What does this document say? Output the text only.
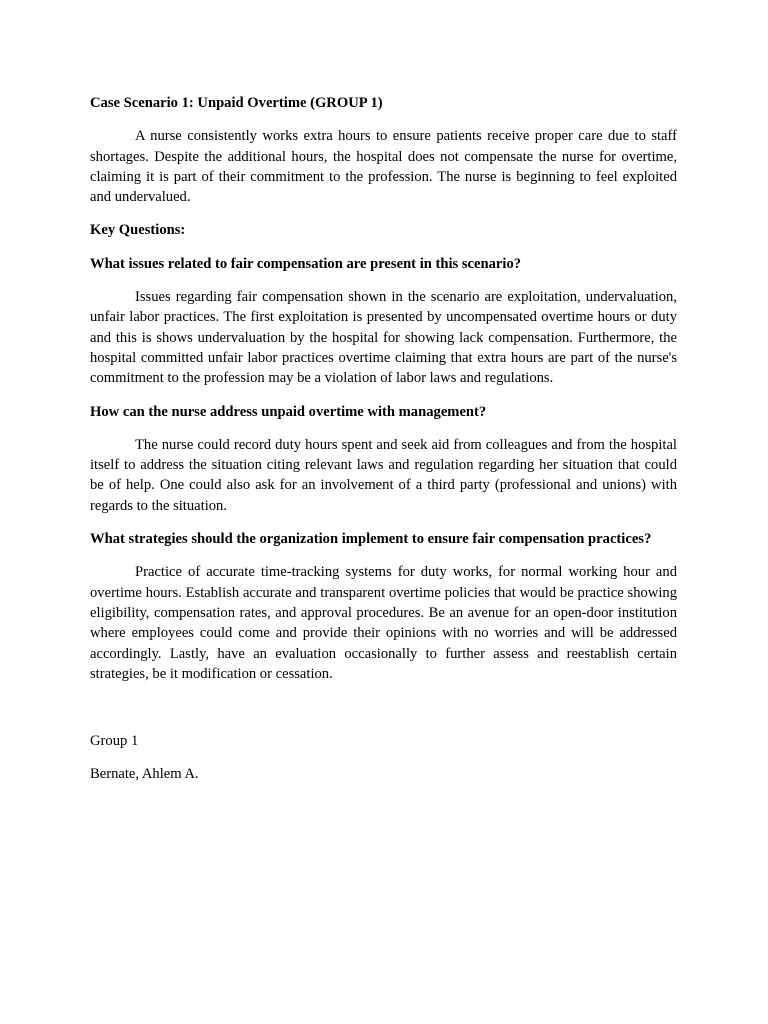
Case Scenario 1: Unpaid Overtime (GROUP 1)
A nurse consistently works extra hours to ensure patients receive proper care due to staff shortages. Despite the additional hours, the hospital does not compensate the nurse for overtime, claiming it is part of their commitment to the profession. The nurse is beginning to feel exploited and undervalued.
Key Questions:
What issues related to fair compensation are present in this scenario?
Issues regarding fair compensation shown in the scenario are exploitation, undervaluation, unfair labor practices. The first exploitation is presented by uncompensated overtime hours or duty and this is shows undervaluation by the hospital for showing lack compensation. Furthermore, the hospital committed unfair labor practices overtime claiming that extra hours are part of the nurse's commitment to the profession may be a violation of labor laws and regulations.
How can the nurse address unpaid overtime with management?
The nurse could record duty hours spent and seek aid from colleagues and from the hospital itself to address the situation citing relevant laws and regulation regarding her situation that could be of help. One could also ask for an involvement of a third party (professional and unions) with regards to the situation.
What strategies should the organization implement to ensure fair compensation practices?
Practice of accurate time-tracking systems for duty works, for normal working hour and overtime hours. Establish accurate and transparent overtime policies that would be practice showing eligibility, compensation rates, and approval procedures. Be an avenue for an open-door institution where employees could come and provide their opinions with no worries and will be addressed accordingly. Lastly, have an evaluation occasionally to further assess and reestablish certain strategies, be it modification or cessation.
Group 1
Bernate, Ahlem A.
